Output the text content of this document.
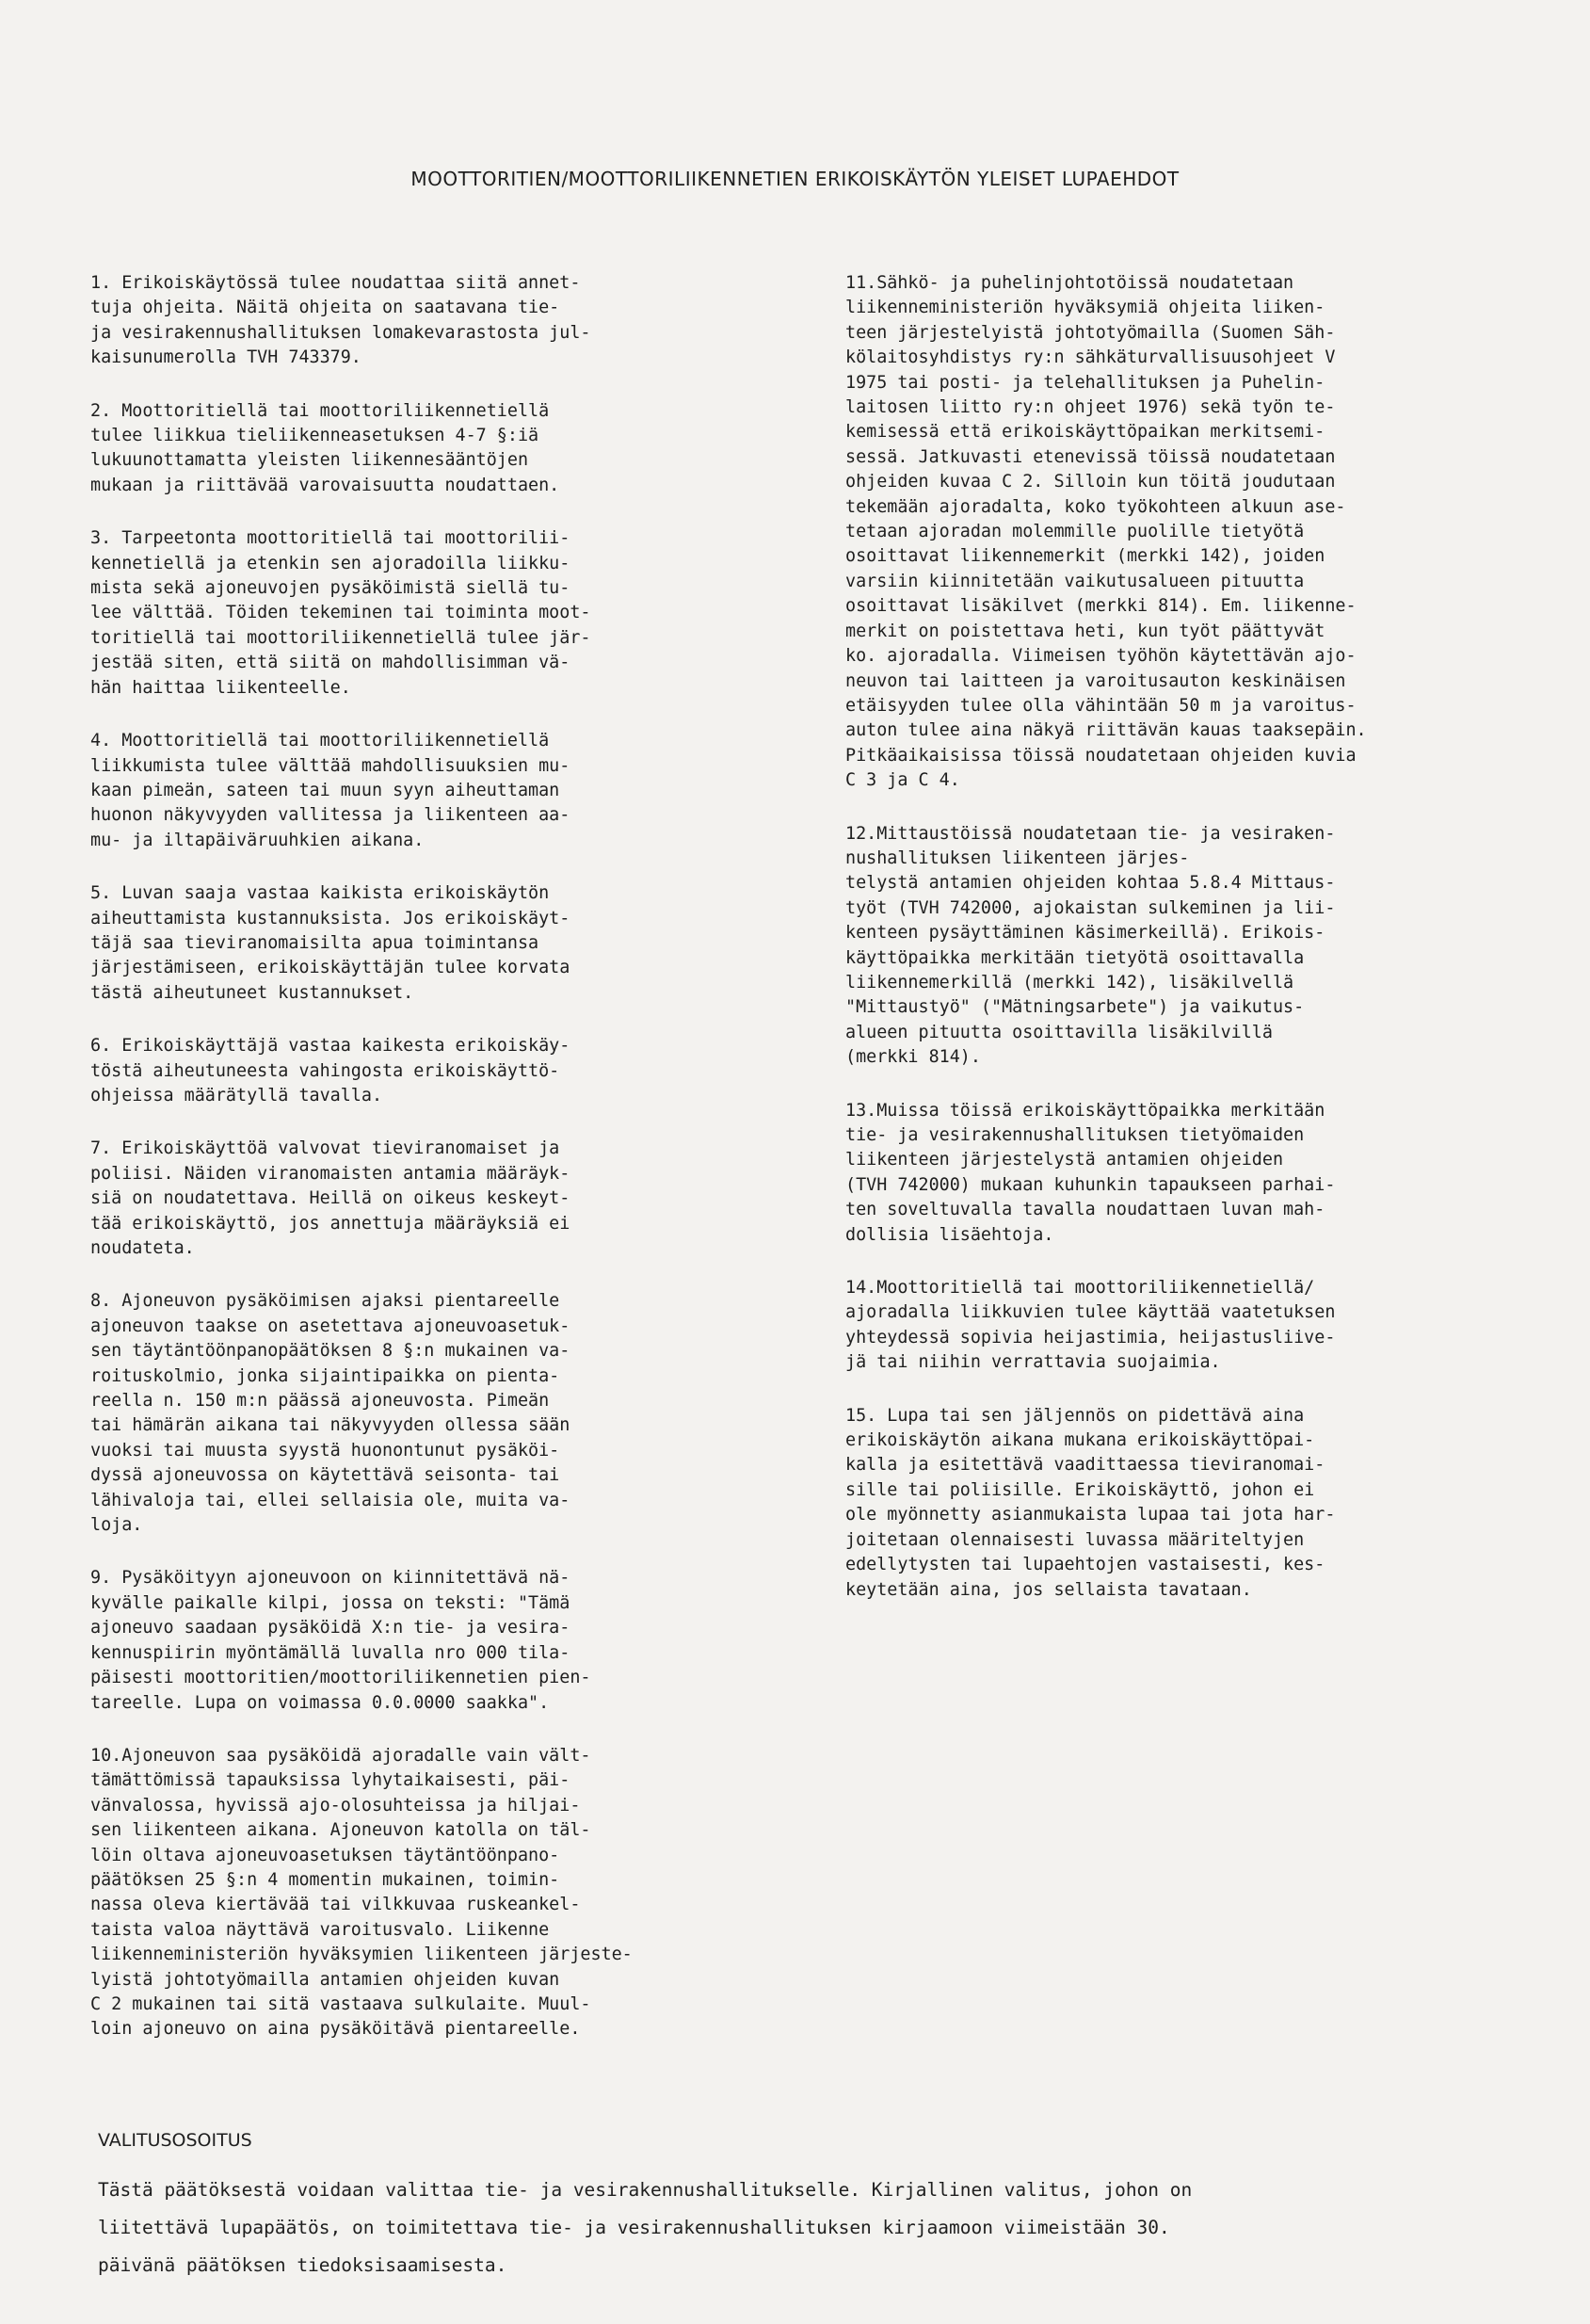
MOOTTORITIEN/MOOTTORILIIKENNETIEN ERIKOISKÄYTÖN YLEISET LUPAEHDOT

1. Erikoiskäytössä tulee noudattaa siitä annet-
tuja ohjeita. Näitä ohjeita on saatavana tie-
ja vesirakennushallituksen lomakevarastosta jul-
kaisunumerolla TVH 743379.

2. Moottoritiellä tai moottoriliikennetiellä
tulee liikkua tieliikenneasetuksen 4-7 §:iä
lukuunottamatta yleisten liikennesääntöjen
mukaan ja riittävää varovaisuutta noudattaen.

3. Tarpeetonta moottoritiellä tai moottorilii-
kennetiellä ja etenkin sen ajoradoilla liikku-
mista sekä ajoneuvojen pysäköimistä siellä tu-
lee välttää. Töiden tekeminen tai toiminta moot-
toritiellä tai moottoriliikennetiellä tulee jär-
jestää siten, että siitä on mahdollisimman vä-
hän haittaa liikenteelle.

4. Moottoritiellä tai moottoriliikennetiellä
liikkumista tulee välttää mahdollisuuksien mu-
kaan pimeän, sateen tai muun syyn aiheuttaman
huonon näkyvyyden vallitessa ja liikenteen aa-
mu- ja iltapäiväruuhkien aikana.

5. Luvan saaja vastaa kaikista erikoiskäytön
aiheuttamista kustannuksista. Jos erikoiskäyt-
täjä saa tieviranomaisilta apua toimintansa
järjestämiseen, erikoiskäyttäjän tulee korvata
tästä aiheutuneet kustannukset.

6. Erikoiskäyttäjä vastaa kaikesta erikoiskäy-
töstä aiheutuneesta vahingosta erikoiskäyttö-
ohjeissa määrätyllä tavalla.

7. Erikoiskäyttöä valvovat tieviranomaiset ja
poliisi. Näiden viranomaisten antamia määräyk-
siä on noudatettava. Heillä on oikeus keskeyt-
tää erikoiskäyttö, jos annettuja määräyksiä ei
noudateta.

8. Ajoneuvon pysäköimisen ajaksi pientareelle
ajoneuvon taakse on asetettava ajoneuvoasetuk-
sen täytäntöönpanopäätöksen 8 §:n mukainen va-
roituskolmio, jonka sijaintipaikka on pienta-
reella n. 150 m:n päässä ajoneuvosta. Pimeän
tai hämärän aikana tai näkyvyyden ollessa sään
vuoksi tai muusta syystä huonontunut pysäköi-
dyssä ajoneuvossa on käytettävä seisonta- tai
lähivaloja tai, ellei sellaisia ole, muita va-
loja.

9. Pysäköityyn ajoneuvoon on kiinnitettävä nä-
kyvälle paikalle kilpi, jossa on teksti: "Tämä
ajoneuvo saadaan pysäköidä X:n tie- ja vesira-
kennuspiirin myöntämällä luvalla nro 000 tila-
päisesti moottoritien/moottoriliikennetien pien-
tareelle. Lupa on voimassa 0.0.0000 saakka".

10.Ajoneuvon saa pysäköidä ajoradalle vain vält-
tämättömissä tapauksissa lyhytaikaisesti, päi-
vänvalossa, hyvissä ajo-olosuhteissa ja hiljai-
sen liikenteen aikana. Ajoneuvon katolla on täl-
löin oltava ajoneuvoasetuksen täytäntöönpano-
päätöksen 25 §:n 4 momentin mukainen, toimin-
nassa oleva kiertävää tai vilkkuvaa ruskeankel-
taista valoa näyttävä varoitusvalo. Liikenne
liikenneministeriön hyväksymien liikenteen järjeste-
lyistä johtotyömailla antamien ohjeiden kuvan
C 2 mukainen tai sitä vastaava sulkulaite. Muul-
loin ajoneuvo on aina pysäköitävä pientareelle.

11.Sähkö- ja puhelinjohtotöissä noudatetaan
liikenneministeriön hyväksymiä ohjeita liiken-
teen järjestelyistä johtotyömailla (Suomen Säh-
kölaitosyhdistys ry:n sähkäturvallisuusohjeet V
1975 tai posti- ja telehallituksen ja Puhelin-
laitosen liitto ry:n ohjeet 1976) sekä työn te-
kemisessä että erikoiskäyttöpaikan merkitsemi-
sessä. Jatkuvasti etenevissä töissä noudatetaan
ohjeiden kuvaa C 2. Silloin kun töitä joudutaan
tekemään ajoradalta, koko työkohteen alkuun ase-
tetaan ajoradan molemmille puolille tietyötä
osoittavat liikennemerkit (merkki 142), joiden
varsiin kiinnitetään vaikutusalueen pituutta
osoittavat lisäkilvet (merkki 814). Em. liikenne-
merkit on poistettava heti, kun työt päättyvät
ko. ajoradalla. Viimeisen työhön käytettävän ajo-
neuvon tai laitteen ja varoitusauton keskinäisen
etäisyyden tulee olla vähintään 50 m ja varoitus-
auton tulee aina näkyä riittävän kauas taaksepäin.
Pitkäaikaisissa töissä noudatetaan ohjeiden kuvia
C 3 ja C 4.

12.Mittaustöissä noudatetaan tie- ja vesiraken-
nushallituksen liikenteen järjes-
telystä antamien ohjeiden kohtaa 5.8.4 Mittaus-
työt (TVH 742000, ajokaistan sulkeminen ja lii-
kenteen pysäyttäminen käsimerkeillä). Erikois-
käyttöpaikka merkitään tietyötä osoittavalla
liikennemerkillä (merkki 142), lisäkilvellä
"Mittaustyö" ("Mätningsarbete") ja vaikutus-
alueen pituutta osoittavilla lisäkilvillä
(merkki 814).

13.Muissa töissä erikoiskäyttöpaikka merkitään
tie- ja vesirakennushallituksen tietyömaiden
liikenteen järjestelystä antamien ohjeiden
(TVH 742000) mukaan kuhunkin tapaukseen parhai-
ten soveltuvalla tavalla noudattaen luvan mah-
dollisia lisäehtoja.

14.Moottoritiellä tai moottoriliikennetiellä/
ajoradalla liikkuvien tulee käyttää vaatetuksen
yhteydessä sopivia heijastimia, heijastusliive-
jä tai niihin verrattavia suojaimia.

15. Lupa tai sen jäljennös on pidettävä aina
erikoiskäytön aikana mukana erikoiskäyttöpai-
kalla ja esitettävä vaadittaessa tieviranomai-
sille tai poliisille. Erikoiskäyttö, johon ei
ole myönnetty asianmukaista lupaa tai jota har-
joitetaan olennaisesti luvassa määriteltyjen
edellytysten tai lupaehtojen vastaisesti, kes-
keytetään aina, jos sellaista tavataan.

VALITUSOSOITUS
Tästä päätöksestä voidaan valittaa tie- ja vesirakennushallitukselle. Kirjallinen valitus, johon on
liitettävä lupapäätös, on toimitettava tie- ja vesirakennushallituksen kirjaamoon viimeistään 30.
päivänä päätöksen tiedoksisaamisesta.
